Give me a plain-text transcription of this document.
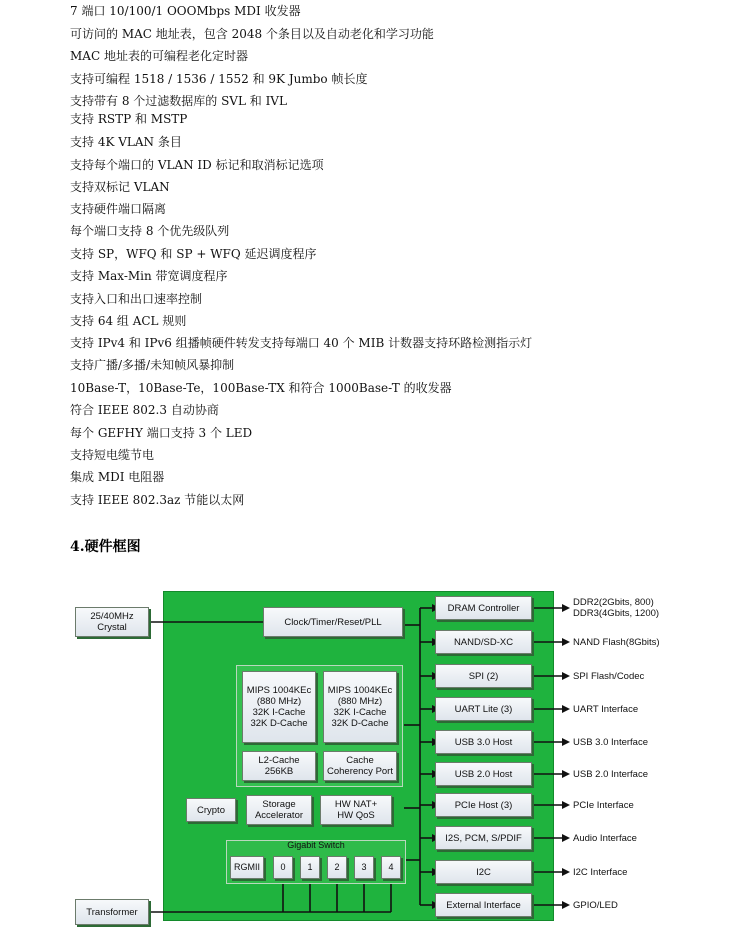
7 端口 10/100/1 OOOMbps MDI 收发器
可访问的 MAC 地址表，包含 2048 个条目以及自动老化和学习功能
MAC 地址表的可编程老化定时器
支持可编程 1518 / 1536 / 1552 和 9K Jumbo 帧长度
支持带有 8 个过滤数据库的 SVL 和 IVL
支持 RSTP 和 MSTP
支持 4K VLAN 条目
支持每个端口的 VLAN ID 标记和取消标记选项
支持双标记 VLAN
支持硬件端口隔离
每个端口支持 8 个优先级队列
支持 SP，WFQ 和 SP + WFQ 延迟调度程序
支持 Max-Min 带宽调度程序
支持入口和出口速率控制
支持 64 组 ACL 规则
支持 IPv4 和 IPv6 组播帧硬件转发支持每端口 40 个 MIB 计数器支持环路检测指示灯
支持广播/多播/未知帧风暴抑制
10Base-T，10Base-Te，100Base-TX 和符合 1000Base-T 的收发器
符合 IEEE 802.3 自动协商
每个 GEFHY 端口支持 3 个 LED
支持短电缆节电
集成 MDI 电阻器
支持 IEEE 802.3az 节能以太网
4.硬件框图
25/40MHz
Crystal
Transformer
Clock/Timer/Reset/PLL
MIPS 1004KEc
(880 MHz)
32K I-Cache
32K D-Cache
MIPS 1004KEc
(880 MHz)
32K I-Cache
32K D-Cache
L2-Cache
256KB
Cache
Coherency Port
Crypto	Storage
Accelerator
HW NAT+
HW QoS
Gigabit Switch
RGMII 0 1 2 3 4
DRAM Controller
NAND/SD-XC
SPI (2)
UART Lite (3)
USB 3.0 Host
USB 2.0 Host
PCIe Host (3)
I2S, PCM, S/PDIF
I2C
External Interface
DDR2(2Gbits, 800)
DDR3(4Gbits, 1200)
NAND Flash(8Gbits)
SPI Flash/Codec
UART Interface
USB 3.0 Interface
USB 2.0 Interface
PCIe Interface
Audio Interface
I2C Interface
GPIO/LED
